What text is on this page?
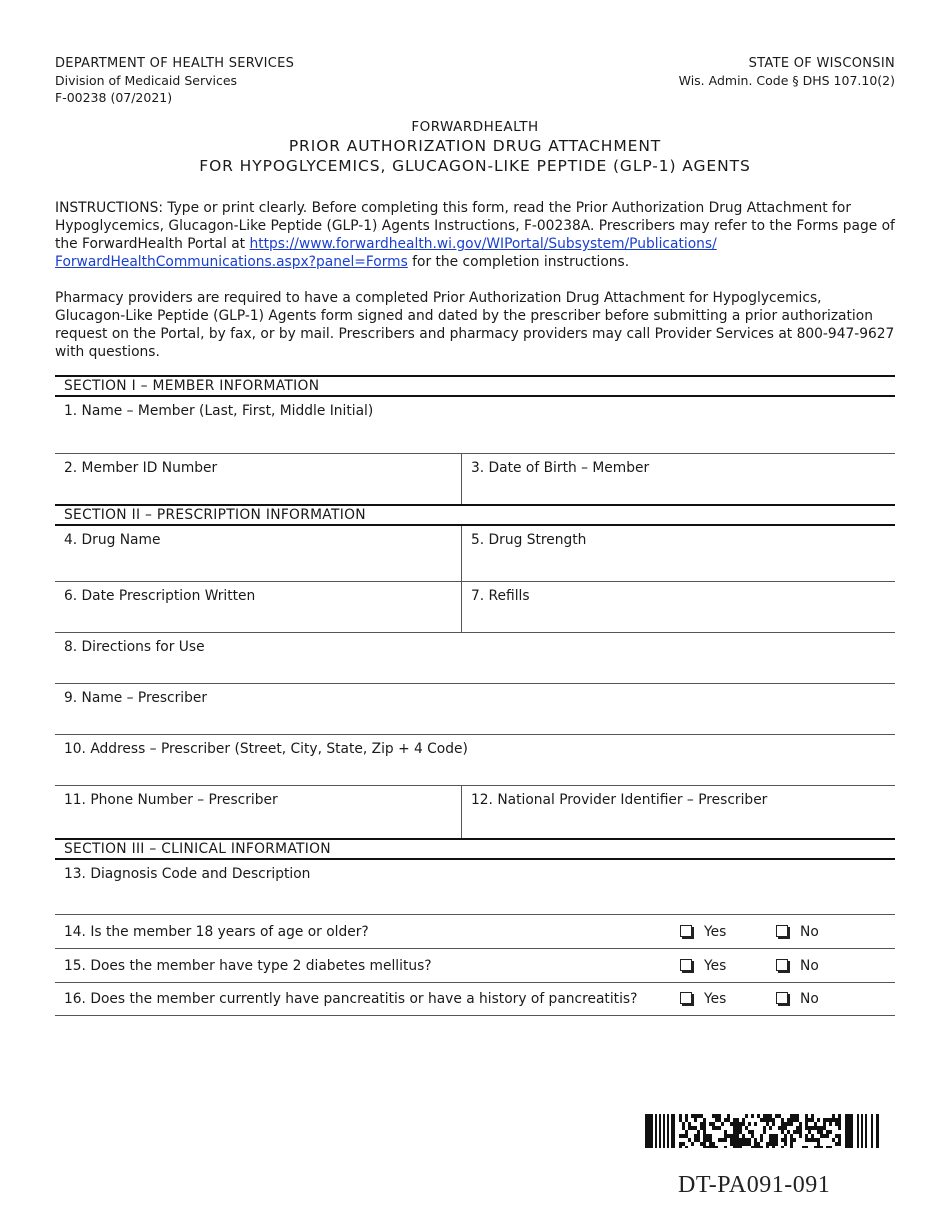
DEPARTMENT OF HEALTH SERVICES
Division of Medicaid Services
F-00238 (07/2021)
STATE OF WISCONSIN
Wis. Admin. Code § DHS 107.10(2)
FORWARDHEALTH
PRIOR AUTHORIZATION DRUG ATTACHMENT
FOR HYPOGLYCEMICS, GLUCAGON-LIKE PEPTIDE (GLP-1) AGENTS
INSTRUCTIONS: Type or print clearly. Before completing this form, read the Prior Authorization Drug Attachment for Hypoglycemics, Glucagon-Like Peptide (GLP-1) Agents Instructions, F-00238A. Prescribers may refer to the Forms page of the ForwardHealth Portal at https://www.forwardhealth.wi.gov/WIPortal/Subsystem/Publications/
ForwardHealthCommunications.aspx?panel=Forms for the completion instructions.
Pharmacy providers are required to have a completed Prior Authorization Drug Attachment for Hypoglycemics, Glucagon-Like Peptide (GLP-1) Agents form signed and dated by the prescriber before submitting a prior authorization request on the Portal, by fax, or by mail. Prescribers and pharmacy providers may call Provider Services at 800-947-9627 with questions.
SECTION I – MEMBER INFORMATION
1. Name – Member (Last, First, Middle Initial)
2. Member ID Number	3. Date of Birth – Member
SECTION II – PRESCRIPTION INFORMATION
4. Drug Name	5. Drug Strength
6. Date Prescription Written	7. Refills
8. Directions for Use
9. Name – Prescriber
10. Address – Prescriber (Street, City, State, Zip + 4 Code)
11. Phone Number – Prescriber	12. National Provider Identifier – Prescriber
SECTION III – CLINICAL INFORMATION
13. Diagnosis Code and Description
14. Is the member 18 years of age or older?	Yes	No
15. Does the member have type 2 diabetes mellitus?	Yes	No
16. Does the member currently have pancreatitis or have a history of pancreatitis?	Yes	No
DT-PA091-091
